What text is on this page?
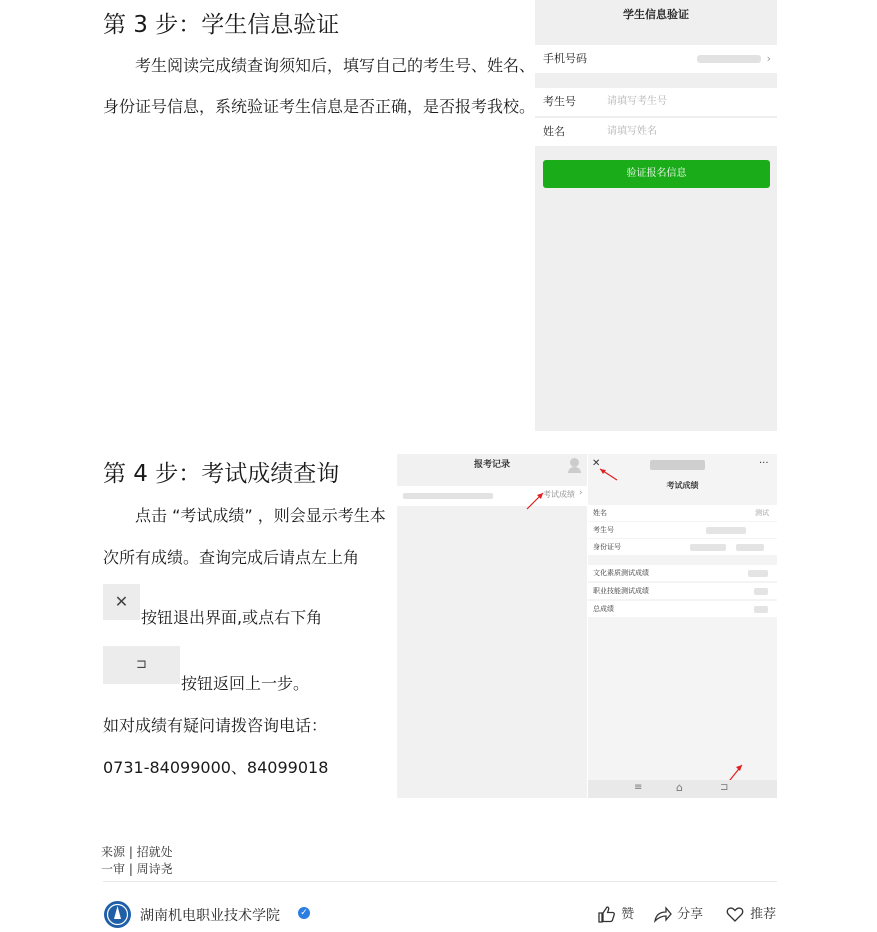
第 3 步：学生信息验证
考生阅读完成绩查询须知后，填写自己的考生号、姓名、
身份证号信息，系统验证考生信息是否正确，是否报考我校。
学生信息验证
手机号码	›
考生号	请填写考生号
姓名	请填写姓名
验证报名信息
第 4 步：考试成绩查询
点击 “考试成绩” ，则会显示考生本
次所有成绩。查询完成后请点左上角
✕
按钮退出界面,或点右下角
⊐
按钮返回上一步。
如对成绩有疑问请拨咨询电话：
0731-84099000、84099018
报考记录
考试成绩 ›
✕	···
考试成绩
姓名	测试
考生号
身份证号
文化素质测试成绩
职业技能测试成绩
总成绩
≡	⌂	⊐
来源 | 招就处
一审 | 周诗尧
湖南机电职业技术学院 ✓	赞	分享	推荐
